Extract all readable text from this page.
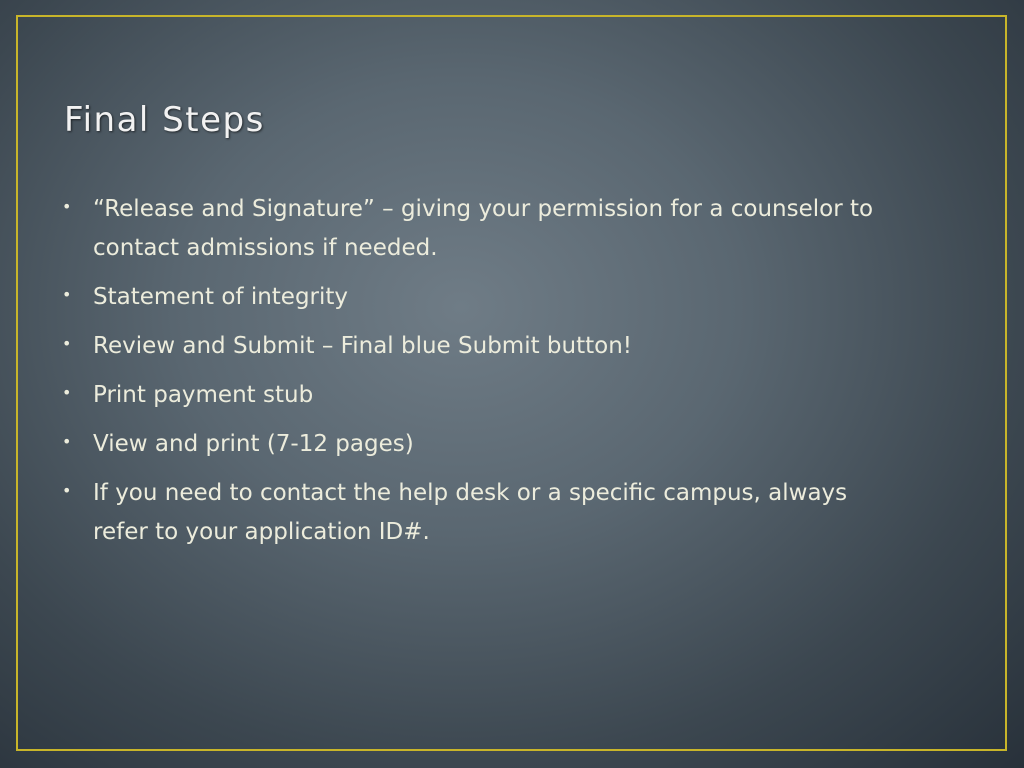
Final Steps
• “Release and Signature” – giving your permission for a counselor to contact admissions if needed.
• Statement of integrity
• Review and Submit – Final blue Submit button!
• Print payment stub
• View and print (7-12 pages)
• If you need to contact the help desk or a specific campus, always refer to your application ID#.
